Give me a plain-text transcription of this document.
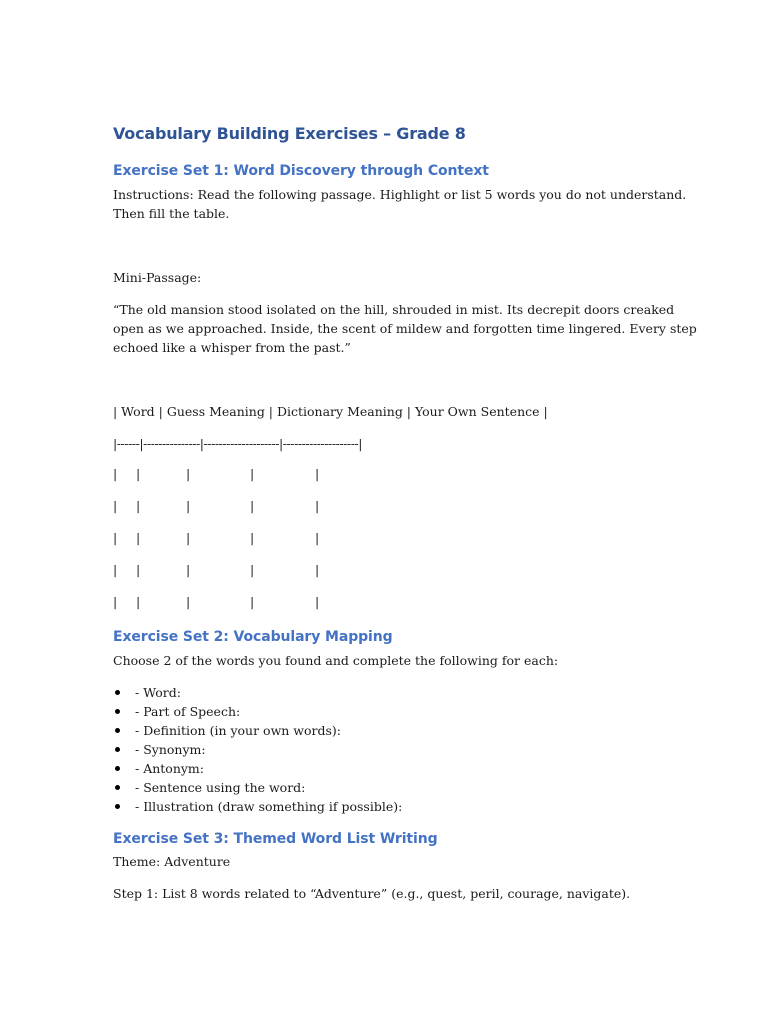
Vocabulary Building Exercises – Grade 8
Exercise Set 1: Word Discovery through Context

Instructions: Read the following passage. Highlight or list 5 words you do not understand.

Then fill the table.

Mini-Passage:

“The old mansion stood isolated on the hill, shrouded in mist. Its decrepit doors creaked

open as we approached. Inside, the scent of mildew and forgotten time lingered. Every step

echoed like a whisper from the past.”

| Word | Guess Meaning | Dictionary Meaning | Your Own Sentence |

|------|---------------|--------------------|--------------------|

| |	|	|	|
| |	|	|	|
| |	|	|	|
| |	|	|	|
| |	|	|	|
Exercise Set 2: Vocabulary Mapping

Choose 2 of the words you found and complete the following for each:

- Word:
- Part of Speech:
- Definition (in your own words):
- Synonym:
- Antonym:
- Sentence using the word:
- Illustration (draw something if possible):
Exercise Set 3: Themed Word List Writing

Theme: Adventure

Step 1: List 8 words related to “Adventure” (e.g., quest, peril, courage, navigate).
